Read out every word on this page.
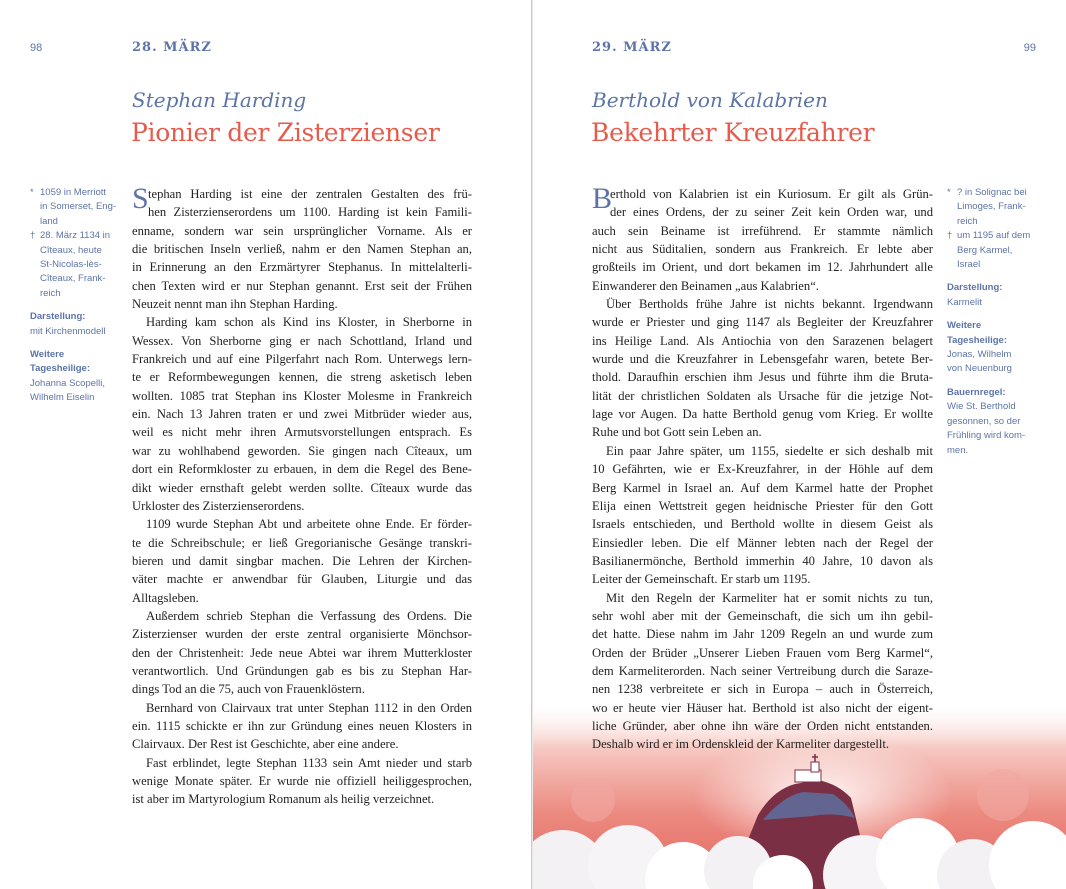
98	28. MÄRZ
Stephan Harding
Pionier der Zisterzienser
* 1059 in Merriott
in Somerset, Eng-
land
† 28. März 1134 in
Cîteaux, heute
St-Nicolas-lès-
Cîteaux, Frank-
reich
Darstellung:
mit Kirchenmodell
Weitere
Tagesheilige:
Johanna Scopelli,
Wilhelm Eiselin
S tephan Harding ist eine der zentralen Gestalten des frü-
hen Zisterzienserordens um 1100. Harding ist kein Famili-
enname, sondern war sein ursprünglicher Vorname. Als er
die britischen Inseln verließ, nahm er den Namen Stephan an,
in Erinnerung an den Erzmärtyrer Stephanus. In mittelalterli-
chen Texten wird er nur Stephan genannt. Erst seit der Frühen
Neuzeit nennt man ihn Stephan Harding.
Harding kam schon als Kind ins Kloster, in Sherborne in
Wessex. Von Sherborne ging er nach Schottland, Irland und
Frankreich und auf eine Pilgerfahrt nach Rom. Unterwegs lern-
te er Reformbewegungen kennen, die streng asketisch leben
wollten. 1085 trat Stephan ins Kloster Molesme in Frankreich
ein. Nach 13 Jahren traten er und zwei Mitbrüder wieder aus,
weil es nicht mehr ihren Armutsvorstellungen entsprach. Es
war zu wohlhabend geworden. Sie gingen nach Cîteaux, um
dort ein Reformkloster zu erbauen, in dem die Regel des Bene-
dikt wieder ernsthaft gelebt werden sollte. Cîteaux wurde das
Urkloster des Zisterzienserordens.
1109 wurde Stephan Abt und arbeitete ohne Ende. Er förder-
te die Schreibschule; er ließ Gregorianische Gesänge transkri-
bieren und damit singbar machen. Die Lehren der Kirchen-
väter machte er anwendbar für Glauben, Liturgie und das
Alltagsleben.
Außerdem schrieb Stephan die Verfassung des Ordens. Die
Zisterzienser wurden der erste zentral organisierte Mönchsor-
den der Christenheit: Jede neue Abtei war ihrem Mutterkloster
verantwortlich. Und Gründungen gab es bis zu Stephan Har-
dings Tod an die 75, auch von Frauenklöstern.
Bernhard von Clairvaux trat unter Stephan 1112 in den Orden
ein. 1115 schickte er ihn zur Gründung eines neuen Klosters in
Clairvaux. Der Rest ist Geschichte, aber eine andere.
Fast erblindet, legte Stephan 1133 sein Amt nieder und starb
wenige Monate später. Er wurde nie offiziell heiliggesprochen,
ist aber im Martyrologium Romanum als heilig verzeichnet.
99
29. MÄRZ
Berthold von Kalabrien
Bekehrter Kreuzfahrer
B
erthold von Kalabrien ist ein Kuriosum. Er gilt als Grün-
der eines Ordens, der zu seiner Zeit kein Orden war, und
auch sein Beiname ist irreführend. Er stammte nämlich
nicht aus Süditalien, sondern aus Frankreich. Er lebte aber
großteils im Orient, und dort bekamen im 12. Jahrhundert alle
Einwanderer den Beinamen „aus Kalabrien“.
Über Bertholds frühe Jahre ist nichts bekannt. Irgendwann
wurde er Priester und ging 1147 als Begleiter der Kreuzfahrer
ins Heilige Land. Als Antiochia von den Sarazenen belagert
wurde und die Kreuzfahrer in Lebensgefahr waren, betete Ber-
thold. Daraufhin erschien ihm Jesus und führte ihm die Bruta-
lität der christlichen Soldaten als Ursache für die jetzige Not-
lage vor Augen. Da hatte Berthold genug vom Krieg. Er wollte
Ruhe und bot Gott sein Leben an.
Ein paar Jahre später, um 1155, siedelte er sich deshalb mit
10 Gefährten, wie er Ex-Kreuzfahrer, in der Höhle auf dem
Berg Karmel in Israel an. Auf dem Karmel hatte der Prophet
Elija einen Wettstreit gegen heidnische Priester für den Gott
Israels entschieden, und Berthold wollte in diesem Geist als
Einsiedler leben. Die elf Männer lebten nach der Regel der
Basilianermönche, Berthold immerhin 40 Jahre, 10 davon als
Leiter der Gemeinschaft. Er starb um 1195.
Mit den Regeln der Karmeliter hat er somit nichts zu tun,
sehr wohl aber mit der Gemeinschaft, die sich um ihn gebil-
det hatte. Diese nahm im Jahr 1209 Regeln an und wurde zum
Orden der Brüder „Unserer Lieben Frauen vom Berg Karmel“,
dem Karmeliterorden. Nach seiner Vertreibung durch die Saraze-
nen 1238 verbreitete er sich in Europa – auch in Österreich,
wo er heute vier Häuser hat. Berthold ist also nicht der eigent-
liche Gründer, aber ohne ihn wäre der Orden nicht entstanden.
Deshalb wird er im Ordenskleid der Karmeliter dargestellt.
* ? in Solignac bei
Limoges, Frank-
reich
† um 1195 auf dem
Berg Karmel,
Israel
Darstellung:
Karmelit
Weitere
Tagesheilige:
Jonas, Wilhelm
von Neuenburg
Bauernregel:
Wie St. Berthold
gesonnen, so der
Frühling wird kom-
men.
